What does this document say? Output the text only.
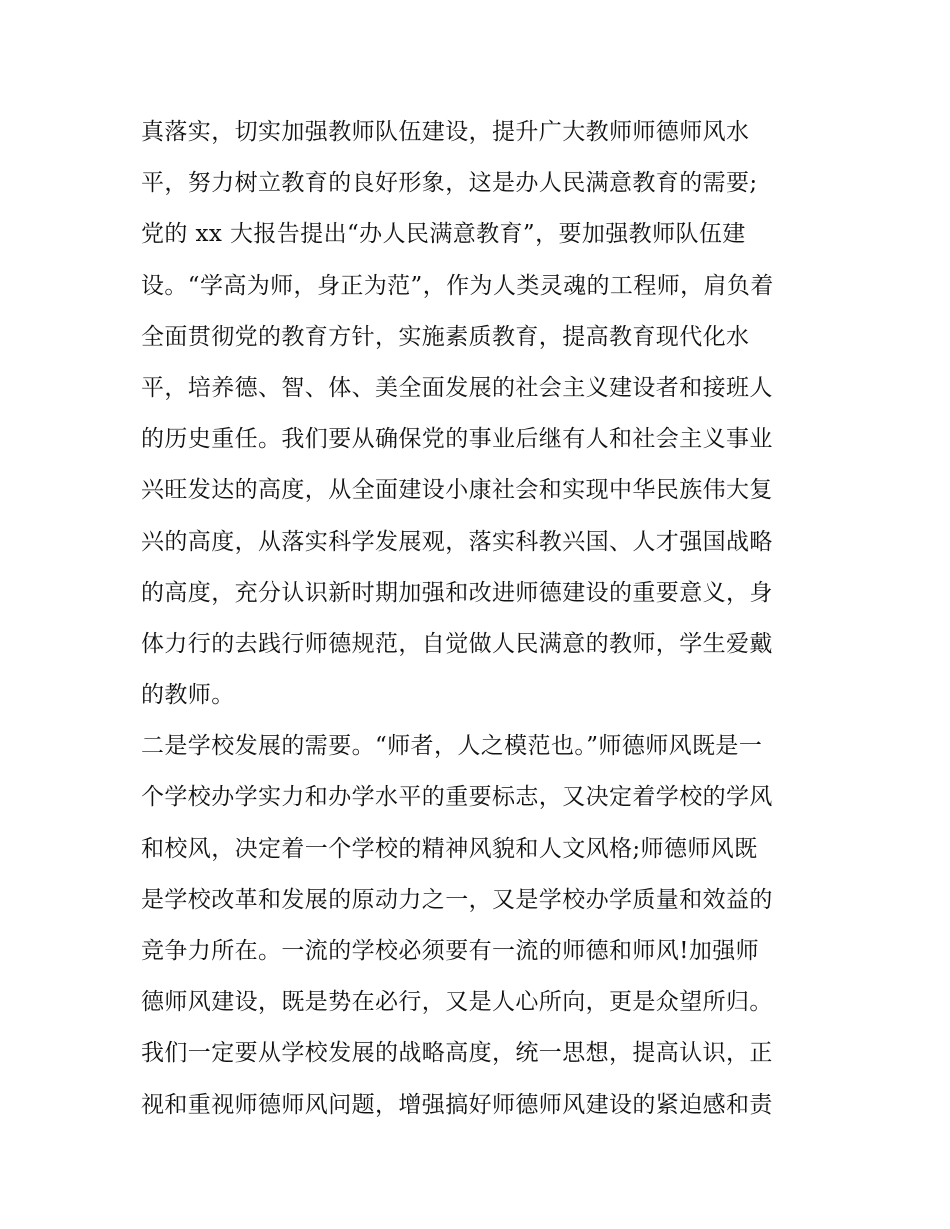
真落实，切实加强教师队伍建设，提升广大教师师德师风水
平，努力树立教育的良好形象，这是办人民满意教育的需要;
党的 xx 大报告提出“办人民满意教育”，要加强教师队伍建
设。“学高为师，身正为范”，作为人类灵魂的工程师，肩负着
全面贯彻党的教育方针，实施素质教育，提高教育现代化水
平，培养德、智、体、美全面发展的社会主义建设者和接班人
的历史重任。我们要从确保党的事业后继有人和社会主义事业
兴旺发达的高度，从全面建设小康社会和实现中华民族伟大复
兴的高度，从落实科学发展观，落实科教兴国、人才强国战略
的高度，充分认识新时期加强和改进师德建设的重要意义，身
体力行的去践行师德规范，自觉做人民满意的教师，学生爱戴
的教师。
二是学校发展的需要。“师者，人之模范也。”师德师风既是一
个学校办学实力和办学水平的重要标志，又决定着学校的学风
和校风，决定着一个学校的精神风貌和人文风格;师德师风既
是学校改革和发展的原动力之一，又是学校办学质量和效益的
竞争力所在。一流的学校必须要有一流的师德和师风!加强师
德师风建设，既是势在必行，又是人心所向，更是众望所归。
我们一定要从学校发展的战略高度，统一思想，提高认识，正
视和重视师德师风问题，增强搞好师德师风建设的紧迫感和责
